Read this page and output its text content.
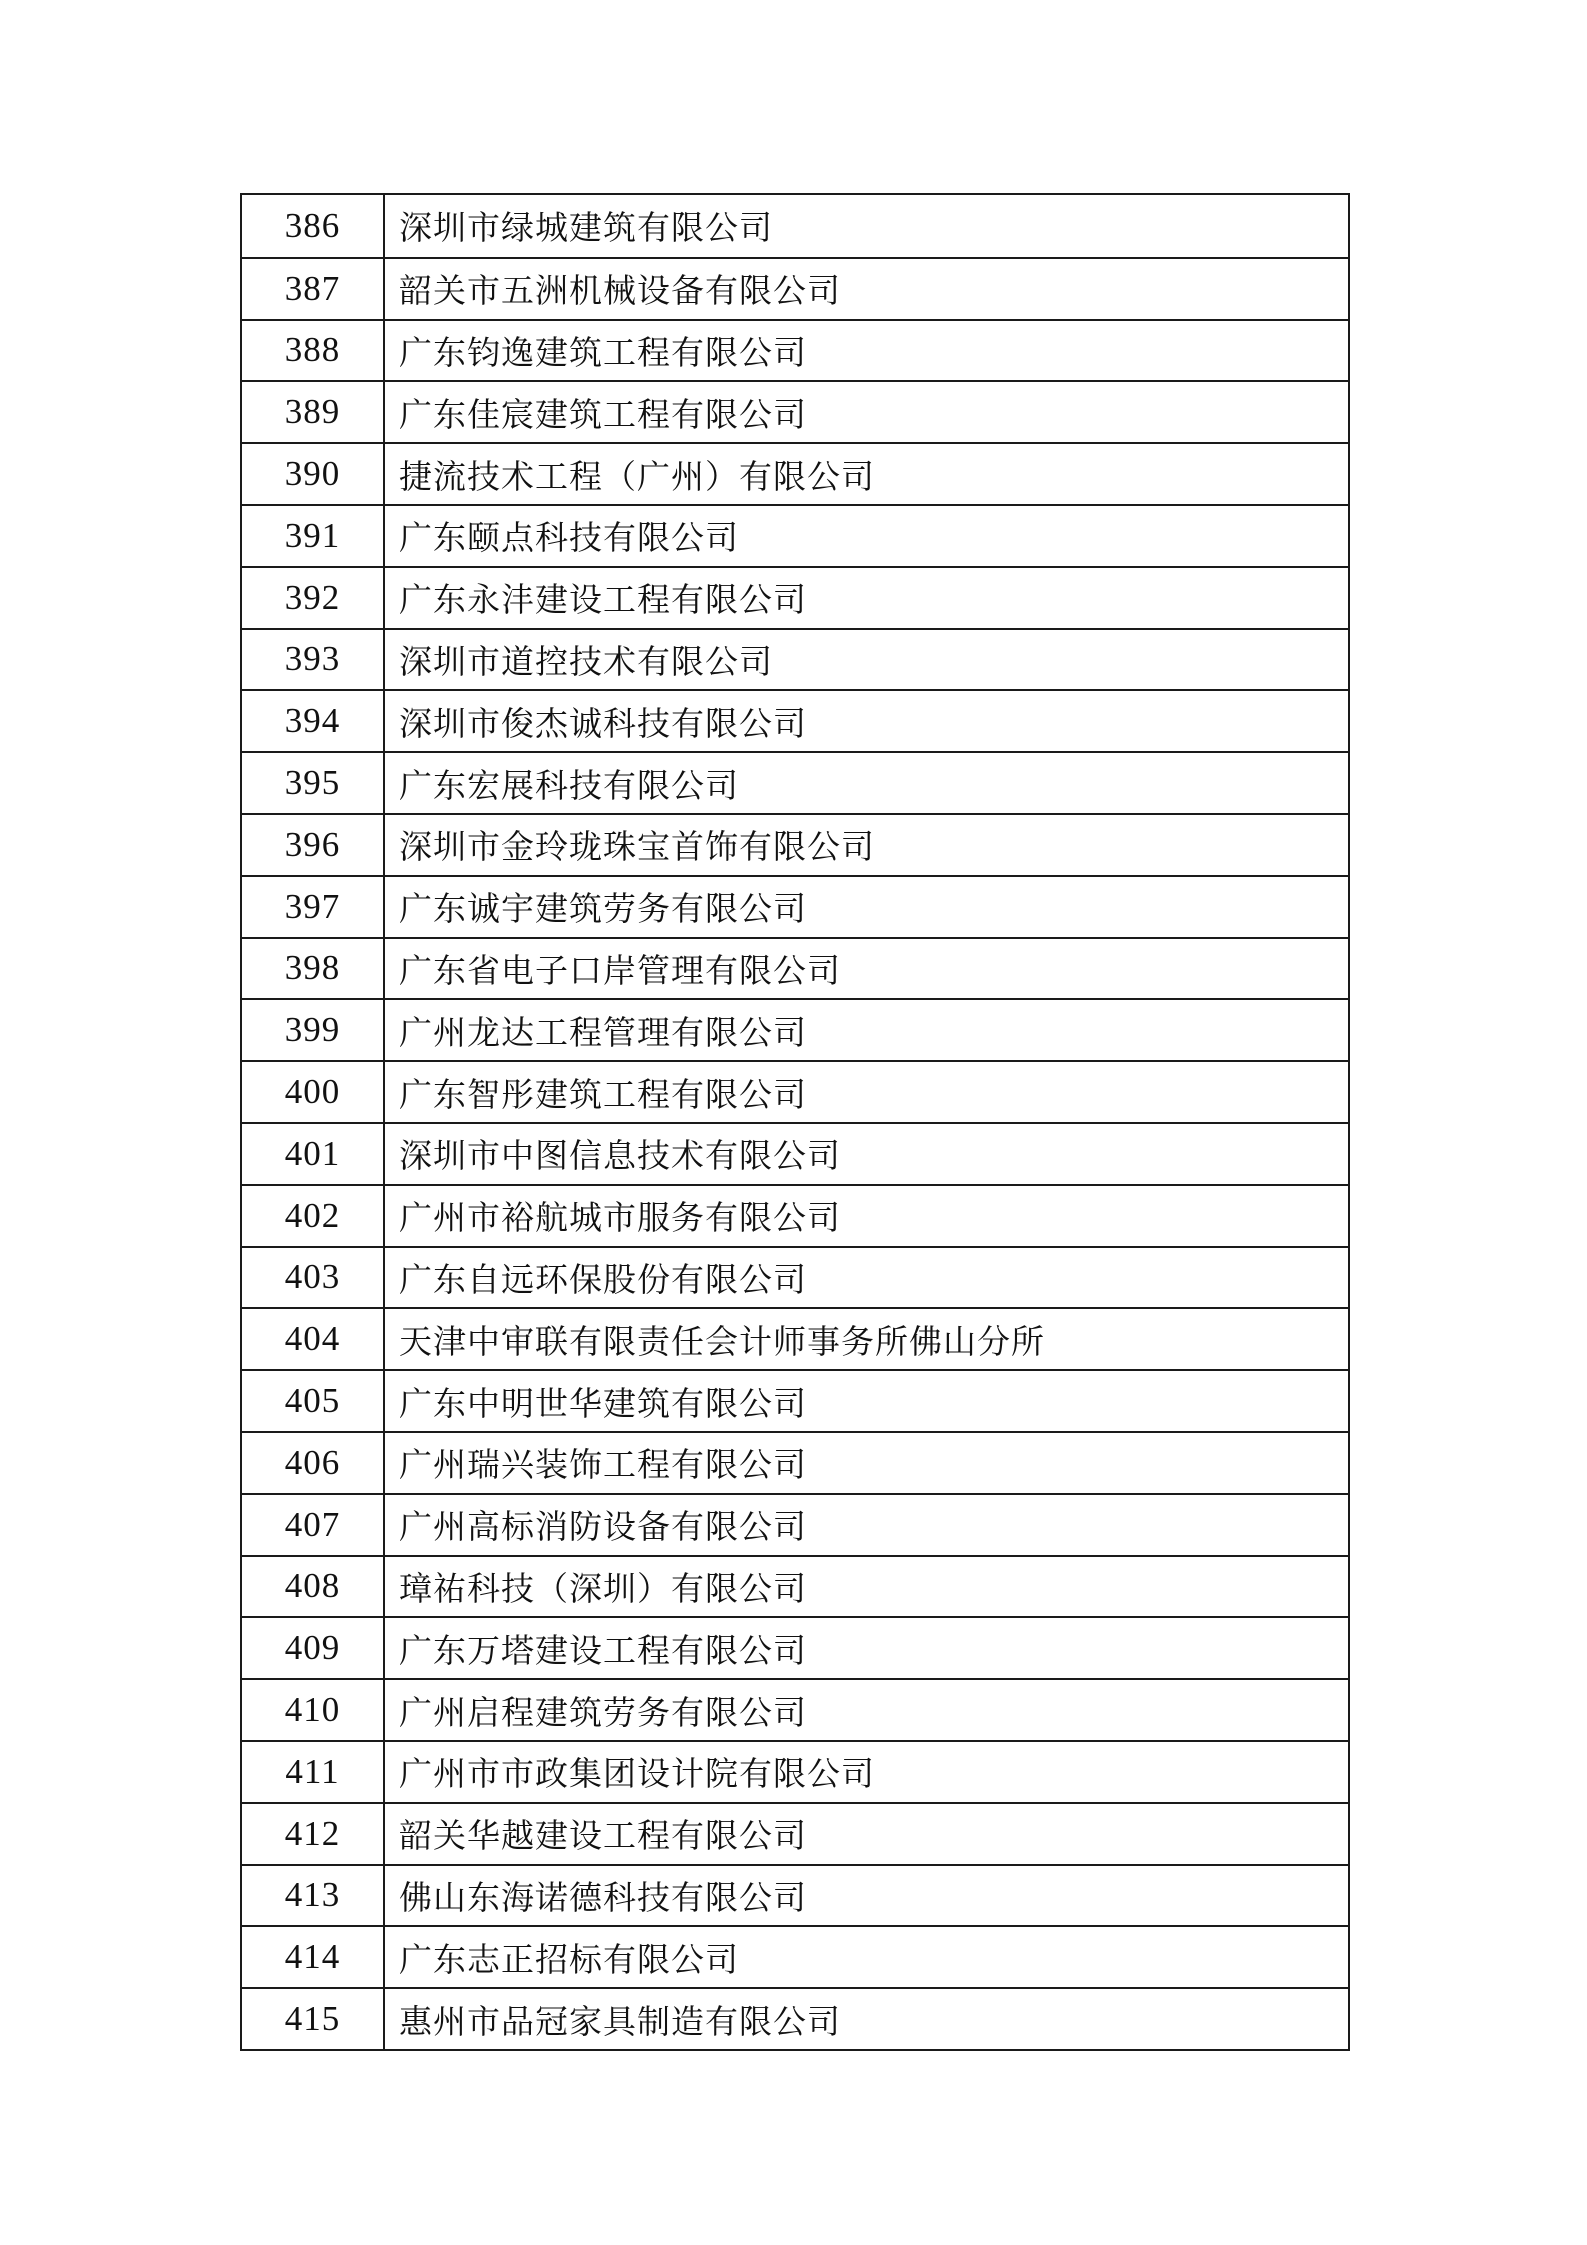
386	深圳市绿城建筑有限公司
387	韶关市五洲机械设备有限公司
388	广东钧逸建筑工程有限公司
389	广东佳宸建筑工程有限公司
390	捷流技术工程（广州）有限公司
391	广东颐点科技有限公司
392	广东永沣建设工程有限公司
393	深圳市道控技术有限公司
394	深圳市俊杰诚科技有限公司
395	广东宏展科技有限公司
396	深圳市金玲珑珠宝首饰有限公司
397	广东诚宇建筑劳务有限公司
398	广东省电子口岸管理有限公司
399	广州龙达工程管理有限公司
400	广东智彤建筑工程有限公司
401	深圳市中图信息技术有限公司
402	广州市裕航城市服务有限公司
403	广东自远环保股份有限公司
404	天津中审联有限责任会计师事务所佛山分所
405	广东中明世华建筑有限公司
406	广州瑞兴装饰工程有限公司
407	广州高标消防设备有限公司
408	璋祐科技（深圳）有限公司
409	广东万塔建设工程有限公司
410	广州启程建筑劳务有限公司
411	广州市市政集团设计院有限公司
412	韶关华越建设工程有限公司
413	佛山东海诺德科技有限公司
414	广东志正招标有限公司
415	惠州市品冠家具制造有限公司
